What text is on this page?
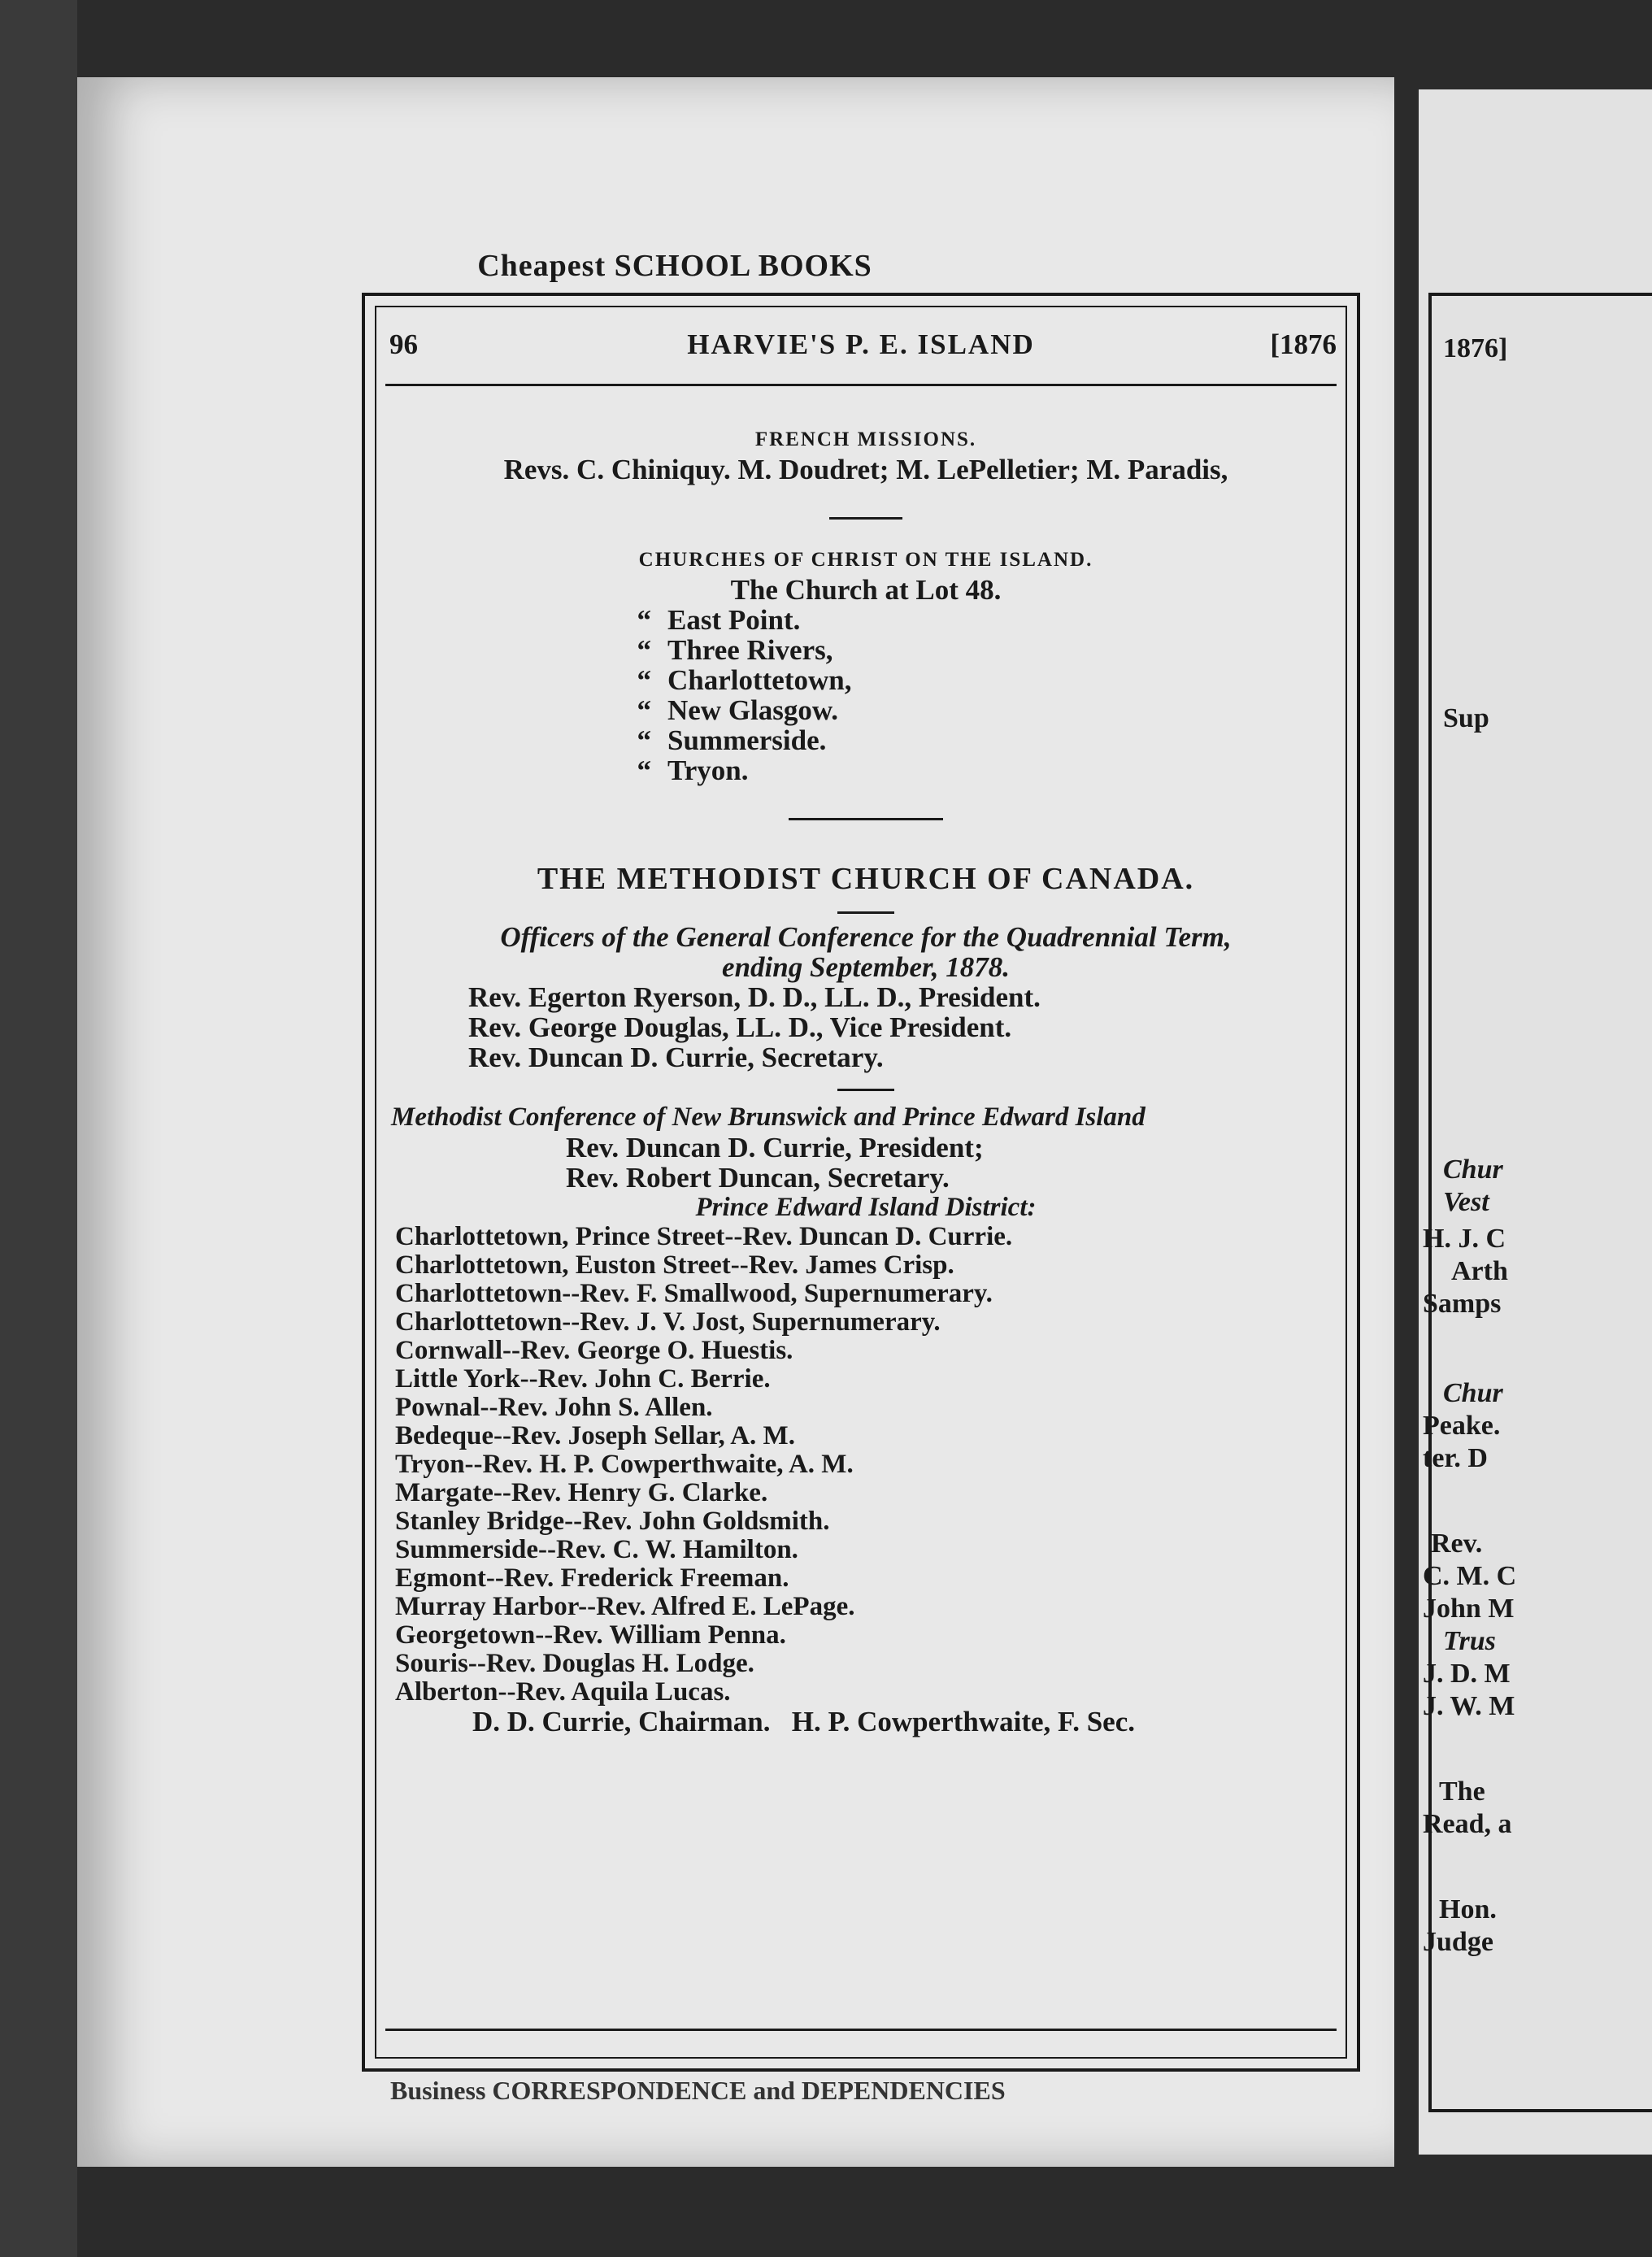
1876]
Sup
Chur
Vest
H. J. C
Arth
Samps
Chur
Peake.
ter. D
Rev.
C. M. C
John M
Trus
J. D. M
J. W. M
The
Read, a
Hon.
Judge
Cheapest SCHOOL BOOKS
96	HARVIE'S P. E. ISLAND	[1876
FRENCH MISSIONS.
Revs. C. Chiniquy. M. Doudret; M. LePelletier; M. Paradis,
CHURCHES OF CHRIST ON THE ISLAND.
The Church at Lot 48.
“ East Point.
“ Three Rivers,
“ Charlottetown,
“ New Glasgow.
“ Summerside.
“ Tryon.
THE METHODIST CHURCH OF CANADA.
Officers of the General Conference for the Quadrennial Term,
ending September, 1878.
Rev. Egerton Ryerson, D. D., LL. D., President.
Rev. George Douglas, LL. D., Vice President.
Rev. Duncan D. Currie, Secretary.
Methodist Conference of New Brunswick and Prince Edward Island
Rev. Duncan D. Currie, President;
Rev. Robert Duncan, Secretary.
Prince Edward Island District:
Charlottetown, Prince Street--Rev. Duncan D. Currie.
Charlottetown, Euston Street--Rev. James Crisp.
Charlottetown--Rev. F. Smallwood, Supernumerary.
Charlottetown--Rev. J. V. Jost, Supernumerary.
Cornwall--Rev. George O. Huestis.
Little York--Rev. John C. Berrie.
Pownal--Rev. John S. Allen.
Bedeque--Rev. Joseph Sellar, A. M.
Tryon--Rev. H. P. Cowperthwaite, A. M.
Margate--Rev. Henry G. Clarke.
Stanley Bridge--Rev. John Goldsmith.
Summerside--Rev. C. W. Hamilton.
Egmont--Rev. Frederick Freeman.
Murray Harbor--Rev. Alfred E. LePage.
Georgetown--Rev. William Penna.
Souris--Rev. Douglas H. Lodge.
Alberton--Rev. Aquila Lucas.
D. D. Currie, Chairman.   H. P. Cowperthwaite, F. Sec.
Business CORRESPONDENCE and DEPENDENCIES
